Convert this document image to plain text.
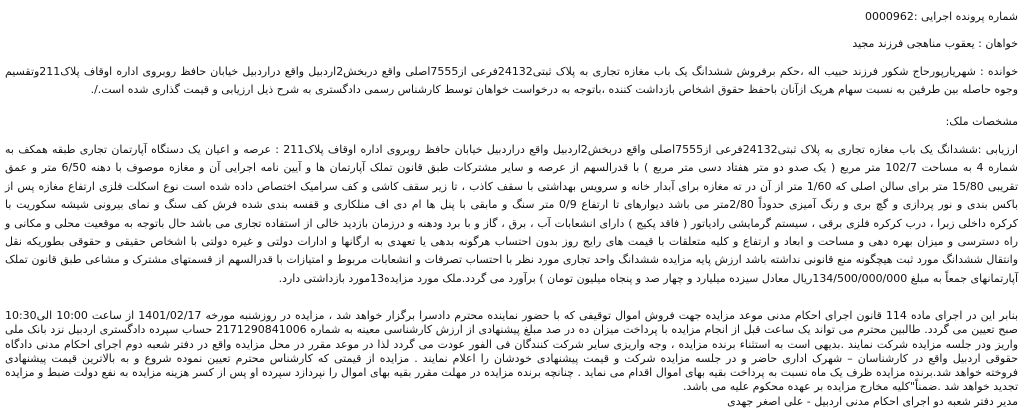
شماره پرونده اجرایی :0000962
خواهان : یعقوب مناهجی فرزند مجید
خوانده : شهریارپورحاج شکور فرزند حبیب اله ،حکم برفروش ششدانگ یک باب مغازه تجاری به پلاک ثبتی24132فرعی از7555اصلی واقع دربخش2اردبیل واقع دراردبیل خیابان حافظ روبروی اداره اوقاف پلاک211وتقسیم
وجوه حاصله بین طرفین به نسبت سهام هریک ازآنان باحفظ حقوق اشخاص بازداشت کننده ،باتوجه به درخواست خواهان توسط کارشناس رسمی دادگستری به شرح ذیل ارزیابی و قیمت گذاری شده است./.
مشخصات ملک:
ارزیابی :ششدانگ یک باب مغازه تجاری به پلاک ثبتی24132فرعی از7555اصلی واقع دربخش2اردبیل واقع دراردبیل خیابان حافظ روبروی اداره اوقاف پلاک211 : عرصه و اعیان یک دستگاه آپارتمان تجاری طبقه همکف به
شماره 4 به مساحت 102/7 متر مربع ( یک صدو دو متر هفتاد دسی متر مربع ) با قدرالسهم از عرصه و سایر مشترکات طبق قانون تملک آپارتمان ها و آیین نامه اجرایی آن و مغازه موصوف با دهنه 6/50 متر و عمق
تقریبی 15/80 متر برای سالن اصلی که 1/60 متر از آن در ته مغازه برای آبدار خانه و سرویس بهداشتی با سقف کاذب ، تا زیر سقف کاشی و کف سرامیک اختصاص داده شده است نوع اسکلت فلزی ارتفاع مغازه پس از
باکس بندی و نور پردازی و گچ بری و رنگ آمیزی حدوداً 2/80متر می باشد دیوارهای تا ارتفاع 0/9 متر سنگ و مابقی با پنل ها ام دی اف منلکاری و قفسه بندی شده فرش کف سنگ و نمای بیرونی شیشه سکوریت با
کرکره داخلی زبرا ، درب کرکره فلزی برقی ، سیستم گرمایشی رادیاتور ( فاقد پکیج ) دارای انشعابات آب ، برق ، گاز و با برد ودهنه و درزمان بازدید خالی از استفاده تجاری می باشد حال باتوجه به موقعیت محلی و مکانی و
راه دسترسی و میزان بهره دهی و مساحت و ابعاد و ارتفاع و کلیه متعلقات با قیمت های رایج روز بدون احتساب هرگونه بدهی یا تعهدی به ارگانها و ادارات دولتی و غیره دولتی با اشخاص حقیقی و حقوقی بطوریکه نقل
وانتقال ششدانگ مورد ثبت هیچگونه منع قانونی نداشته باشد ارزش پایه مزایده ششدانگ واحد تجاری مورد نظر با احتساب تصرفات و انشعابات مربوط و امتیازات با قدرالسهم از قسمتهای مشترک و مشاعی طبق قانون تملک
آپارتمانهای جمعاً به مبلغ 134/500/000/000ریال معادل سیزده میلیارد و چهار صد و پنجاه میلیون تومان ) برآورد می گردد.ملک مورد مزایده13مورد بازداشتی دارد.
بنابر این در اجرای ماده 114 قانون اجرای احکام مدنی موعد مزایده جهت فروش اموال توقیفی که با حضور نماینده محترم دادسرا برگزار خواهد شد ، مزایده در روزشنبه مورخه 1401/02/17 از ساعت 10:00 الی10:30
صبح تعیین می گردد. طالبین محترم می تواند یک ساعت قبل از انجام مزایده با پرداخت میزان ده در صد مبلغ پیشنهادی از ارزش کارشناسی معینه به شماره 2171290841006 حساب سپرده دادگستری اردبیل نزد بانک ملی
واریز ودر جلسه مزایده شرکت نمایند .بدیهی است به استثناء برنده مزایده ، وجه واریزی سایر شرکت کنندگان فی الفور عودت می گردد لذا در موعد مقرر در محل مزایده واقع در دفتر شعبه دوم اجرای احکام مدنی دادگاه
حقوقی اردبیل واقع در کارشناسان – شهرک اداری حاضر و در جلسه مزایده شرکت و قیمت پیشنهادی خودشان را اعلام نمایند . مزایده از قیمتی که کارشناس محترم تعیین نموده شروع و به بالاترین قیمت پیشنهادی
فروخته خواهد شد.برنده مزایده ظرف یک ماه نسبت به پرداخت بقیه بهای اموال اقدام می نماید . چنانچه برنده مزایده در مهلت مقرر بقیه بهای اموال را نپردازد سپرده او پس از کسر هزینه مزایده به نفع دولت ضبط و مزایده
تجدید خواهد شد .ضمناً"کلیه مخارج مزایده بر عهده محکوم علیه می باشد.
مدیر دفتر شعبه دو اجرای احکام مدنی اردبیل - علی اصغر جهدی
